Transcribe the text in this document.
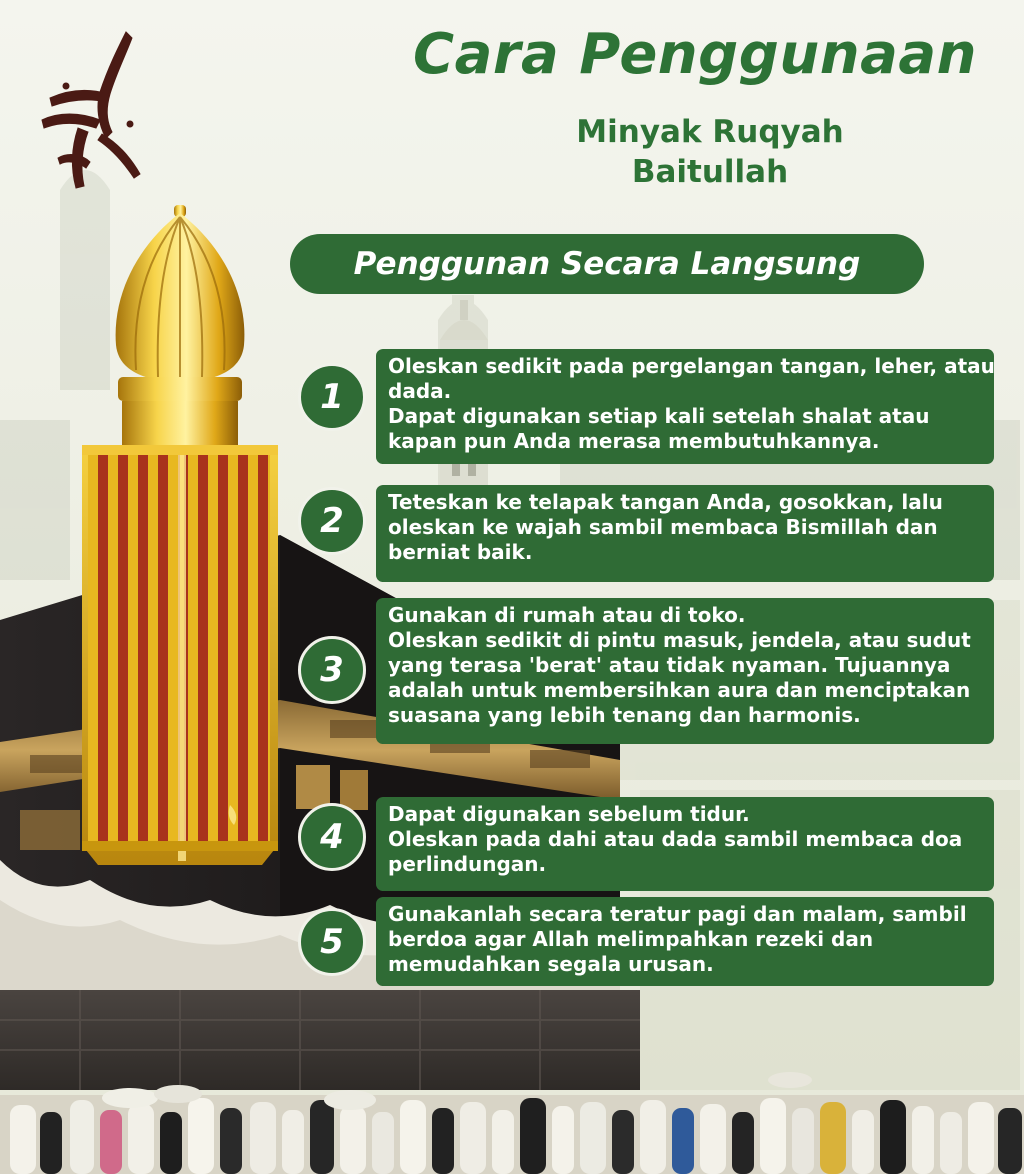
Cara Penggunaan
Minyak Ruqyah
Baitullah
Penggunan Secara Langsung
1
Oleskan sedikit pada pergelangan tangan, leher, atau
dada.
Dapat digunakan setiap kali setelah shalat atau
kapan pun Anda merasa membutuhkannya.
2	Teteskan ke telapak tangan Anda, gosokkan, lalu
oleskan ke wajah sambil membaca Bismillah dan
berniat baik.
3
Gunakan di rumah atau di toko.
Oleskan sedikit di pintu masuk, jendela, atau sudut
yang terasa 'berat' atau tidak nyaman. Tujuannya
adalah untuk membersihkan aura dan menciptakan
suasana yang lebih tenang dan harmonis.
4
Dapat digunakan sebelum tidur.
Oleskan pada dahi atau dada sambil membaca doa
perlindungan.
5
Gunakanlah secara teratur pagi dan malam, sambil
berdoa agar Allah melimpahkan rezeki dan
memudahkan segala urusan.
